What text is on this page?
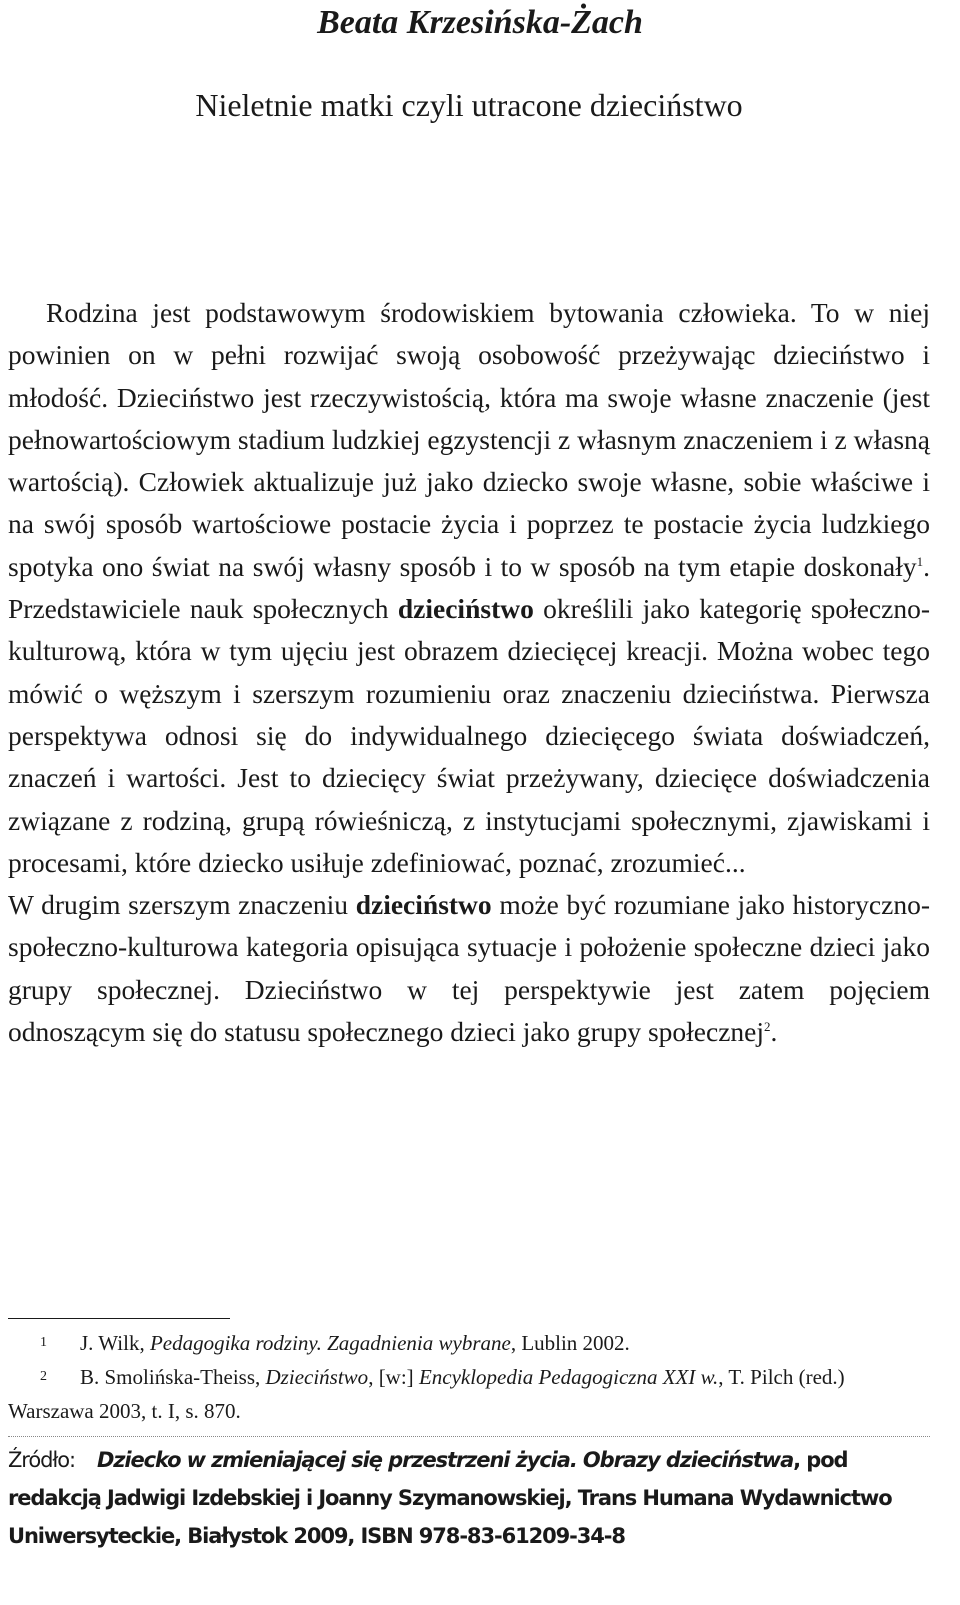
Beata Krzesińska-Żach
Nieletnie matki czyli utracone dzieciństwo

Rodzina jest podstawowym środowiskiem bytowania człowieka. To w niej powinien on w pełni rozwijać swoją osobowość przeżywając dzieciństwo i młodość. Dzieciństwo jest rzeczywistością, która ma swoje własne znaczenie (jest pełnowartościowym stadium ludzkiej egzystencji z własnym znaczeniem i z własną wartością). Człowiek aktualizuje już jako dziecko swoje własne, sobie właściwe i na swój sposób wartościowe postacie życia i poprzez te postacie życia ludzkiego spotyka ono świat na swój własny sposób i to w sposób na tym etapie doskonały$^1$. Przedstawiciele nauk społecznych dzieciństwo określili jako kategorię społeczno-kulturową, która w tym ujęciu jest obrazem dziecięcej kreacji. Można wobec tego mówić o węższym i szerszym rozumieniu oraz znaczeniu dzieciństwa. Pierwsza perspektywa odnosi się do indywidualnego dziecięcego świata doświadczeń, znaczeń i wartości. Jest to dziecięcy świat przeżywany, dziecięce doświadczenia związane z rodziną, grupą rówieśniczą, z instytucjami społecznymi, zjawiskami i procesami, które dziecko usiłuje zdefiniować, poznać, zrozumieć...

W drugim szerszym znaczeniu dzieciństwo może być rozumiane jako historyczno-społeczno-kulturowa kategoria opisująca sytuacje i położenie społeczne dzieci jako grupy społecznej. Dzieciństwo w tej perspektywie jest zatem pojęciem odnoszącym się do statusu społecznego dzieci jako grupy społecznej$^2$.

1 J. Wilk, Pedagogika rodziny. Zagadnienia wybrane, Lublin 2002.

2 B. Smolińska-Theiss, Dzieciństwo, [w:] Encyklopedia Pedagogiczna XXI w., T. Pilch (red.) Warszawa 2003, t. I, s. 870.

Źródło: Dziecko w zmieniającej się przestrzeni życia. Obrazy dzieciństwa, pod redakcją Jadwigi Izdebskiej i Joanny Szymanowskiej, Trans Humana Wydawnictwo Uniwersyteckie, Białystok 2009, ISBN 978-83-61209-34-8
